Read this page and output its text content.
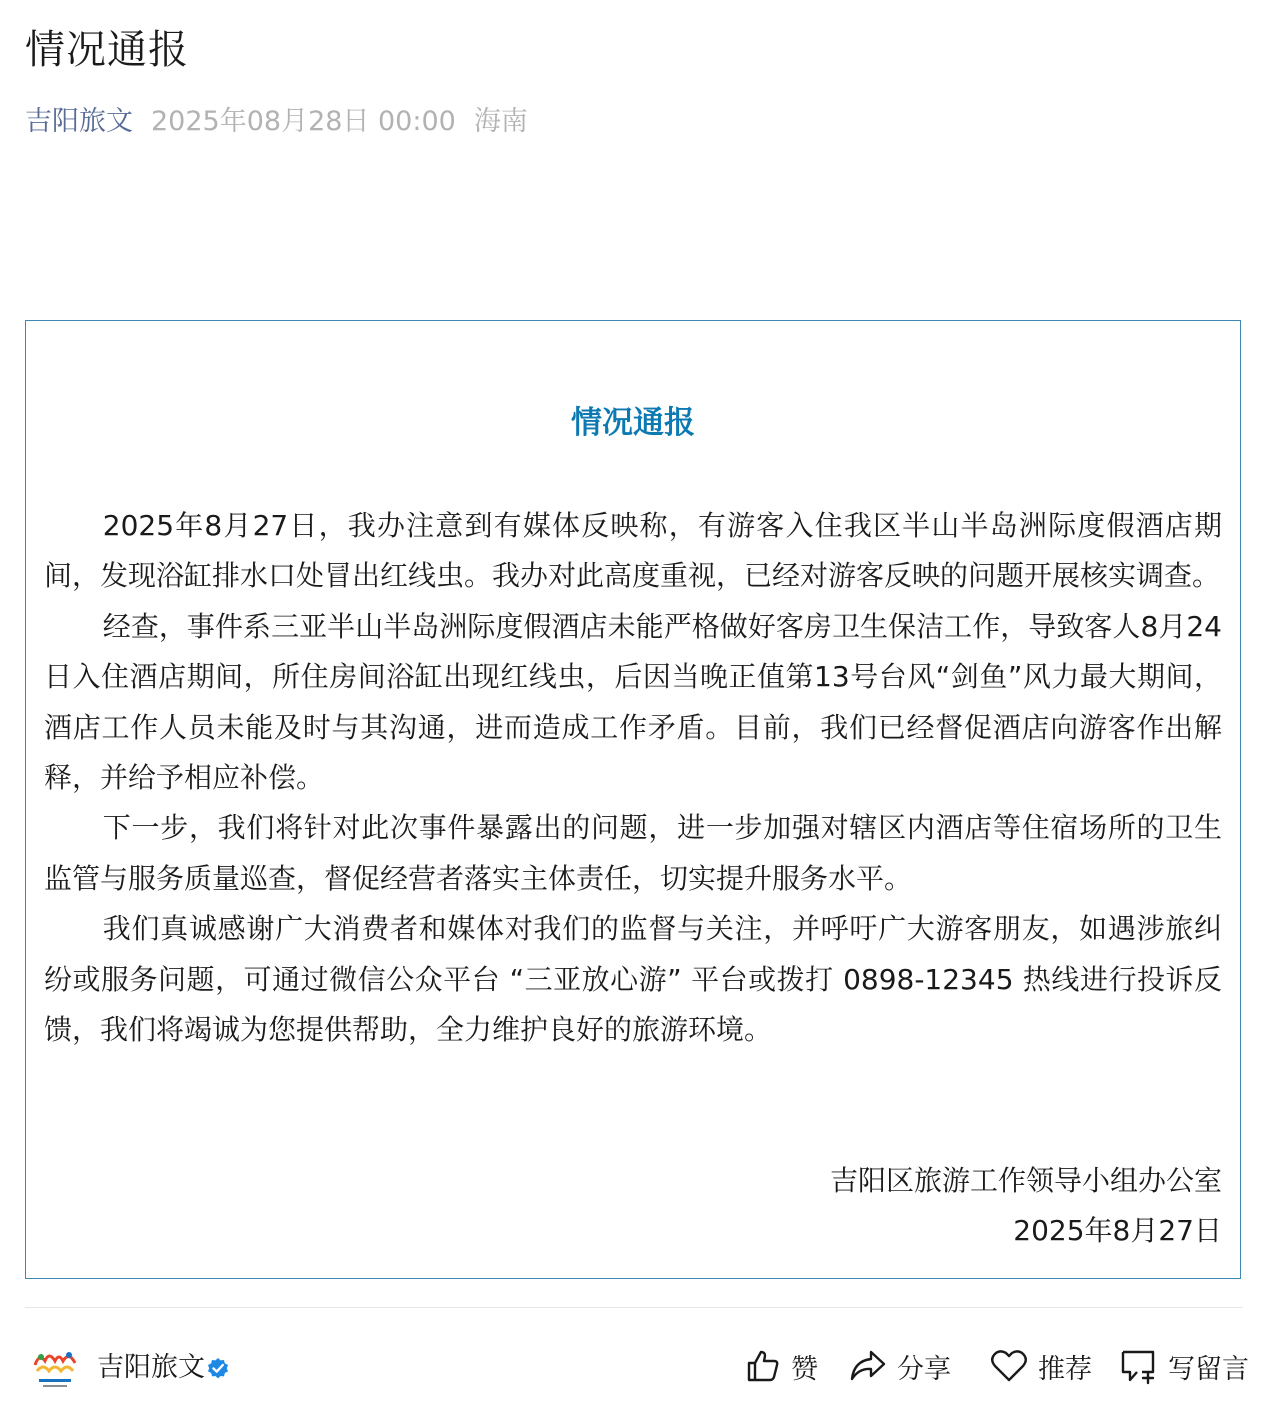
情况通报
吉阳旅文 2025年08月28日 00:00 海南
情况通报

2025年8月27日，我办注意到有媒体反映称，有游客入住我区半山半岛洲际度假酒店期间，发现浴缸排水口处冒出红线虫。我办对此高度重视，已经对游客反映的问题开展核实调查。

经查，事件系三亚半山半岛洲际度假酒店未能严格做好客房卫生保洁工作，导致客人8月24日入住酒店期间，所住房间浴缸出现红线虫，后因当晚正值第13号台风“剑鱼”风力最大期间，酒店工作人员未能及时与其沟通，进而造成工作矛盾。目前，我们已经督促酒店向游客作出解释，并给予相应补偿。

下一步，我们将针对此次事件暴露出的问题，进一步加强对辖区内酒店等住宿场所的卫生监管与服务质量巡查，督促经营者落实主体责任，切实提升服务水平。

我们真诚感谢广大消费者和媒体对我们的监督与关注，并呼吁广大游客朋友，如遇涉旅纠纷或服务问题，可通过微信公众平台 “三亚放心游” 平台或拨打 0898-12345 热线进行投诉反馈，我们将竭诚为您提供帮助，全力维护良好的旅游环境。

吉阳区旅游工作领导小组办公室
2025年8月27日
吉阳旅文	赞	分享	推荐	写留言
